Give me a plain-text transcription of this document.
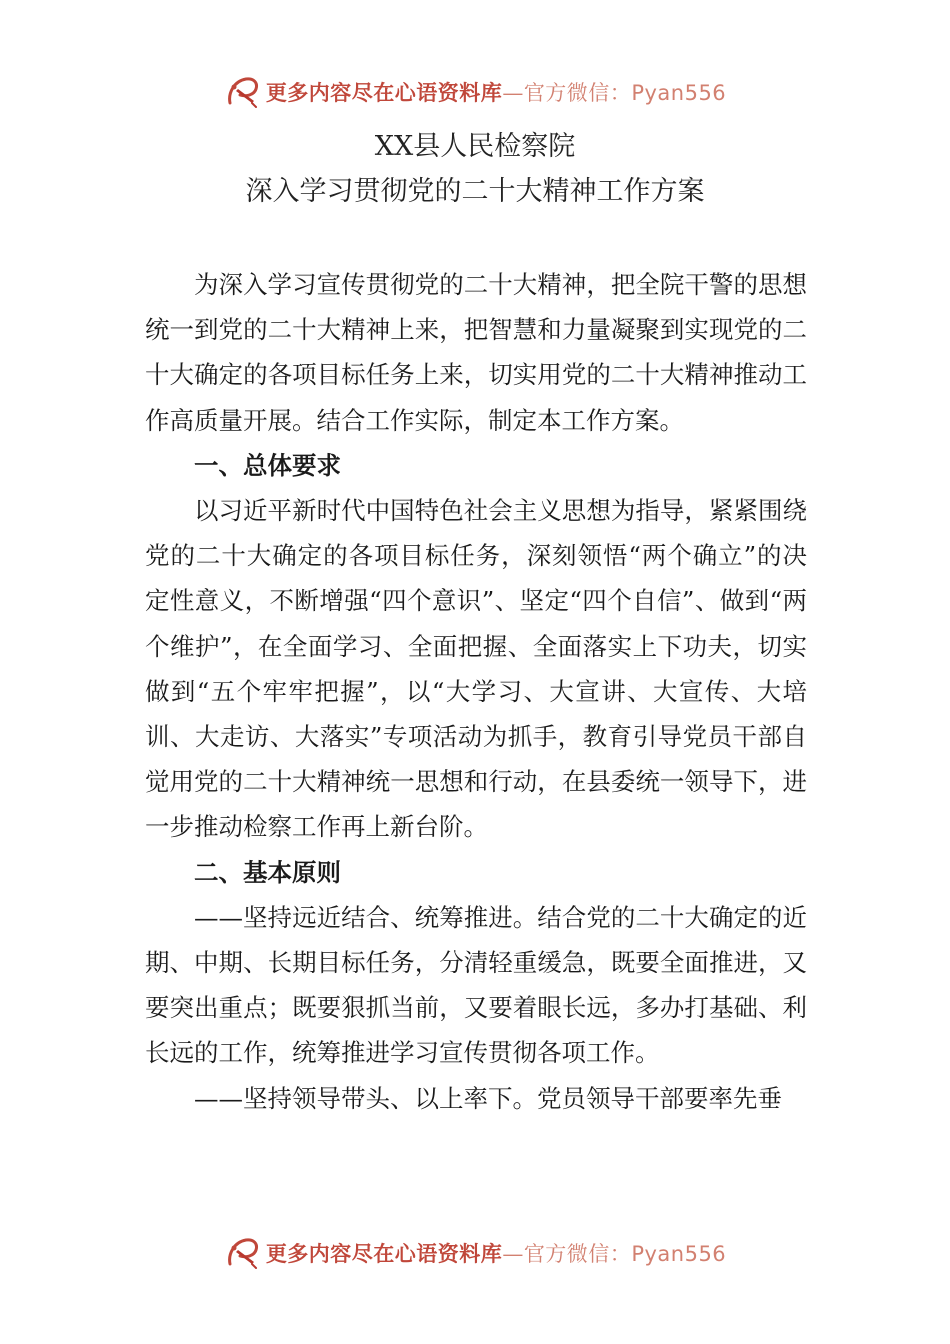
更多内容尽在心语资料库—官方微信：Pyan556
XX县人民检察院
深入学习贯彻党的二十大精神工作方案

为深入学习宣传贯彻党的二十大精神，把全院干警的思想统一到党的二十大精神上来，把智慧和力量凝聚到实现党的二十大确定的各项目标任务上来，切实用党的二十大精神推动工作高质量开展。结合工作实际，制定本工作方案。

一、总体要求

以习近平新时代中国特色社会主义思想为指导，紧紧围绕党的二十大确定的各项目标任务，深刻领悟“两个确立”的决定性意义，不断增强“四个意识”、坚定“四个自信”、做到“两个维护”，在全面学习、全面把握、全面落实上下功夫，切实做到“五个牢牢把握”，以“大学习、大宣讲、大宣传、大培训、大走访、大落实”专项活动为抓手，教育引导党员干部自觉用党的二十大精神统一思想和行动，在县委统一领导下，进一步推动检察工作再上新台阶。

二、基本原则

——坚持远近结合、统筹推进。结合党的二十大确定的近期、中期、长期目标任务，分清轻重缓急，既要全面推进，又要突出重点；既要狠抓当前，又要着眼长远，多办打基础、利长远的工作，统筹推进学习宣传贯彻各项工作。

——坚持领导带头、以上率下。党员领导干部要率先垂

更多内容尽在心语资料库—官方微信：Pyan556
